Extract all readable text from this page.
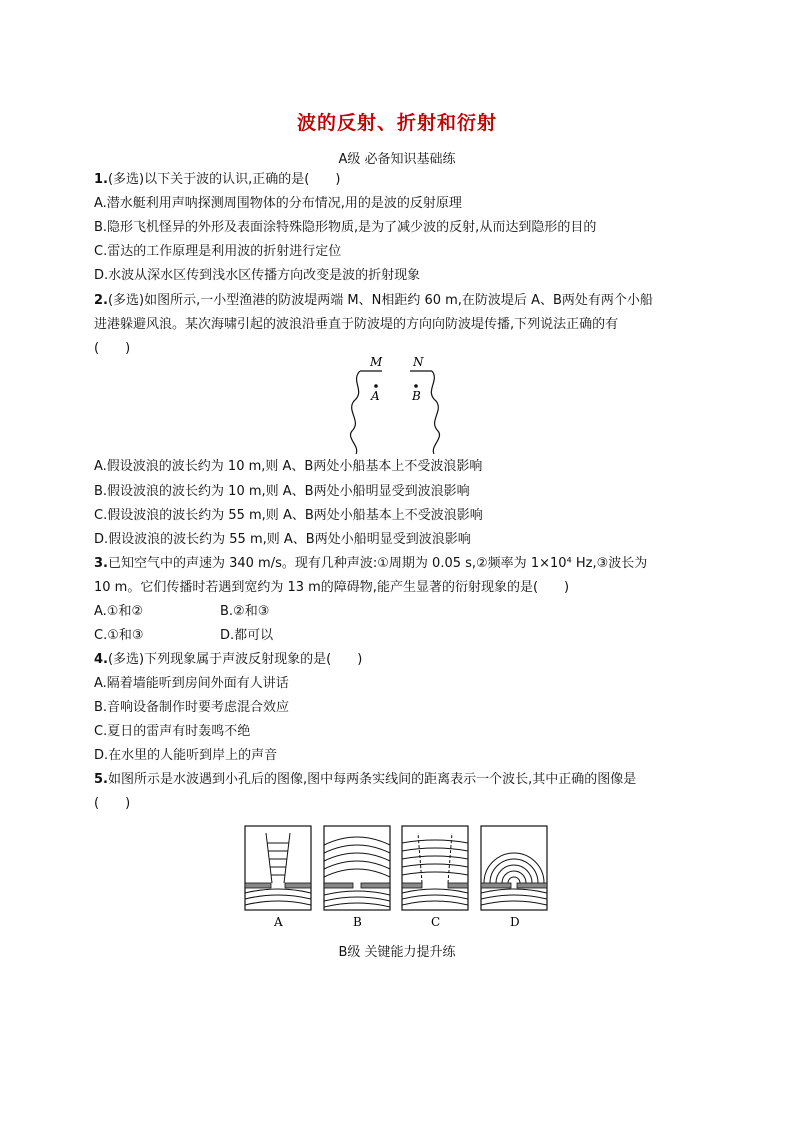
波的反射、折射和衍射
A级 必备知识基础练
1.(多选)以下关于波的认识,正确的是(　　)
A.潜水艇利用声呐探测周围物体的分布情况,用的是波的反射原理
B.隐形飞机怪异的外形及表面涂特殊隐形物质,是为了减少波的反射,从而达到隐形的目的
C.雷达的工作原理是利用波的折射进行定位
D.水波从深水区传到浅水区传播方向改变是波的折射现象
2.(多选)如图所示,一小型渔港的防波堤两端 M、N相距约 60 m,在防波堤后 A、B两处有两个小船
进港躲避风浪。某次海啸引起的波浪沿垂直于防波堤的方向向防波堤传播,下列说法正确的有
(　　)
M	N
A	B
A.假设波浪的波长约为 10 m,则 A、B两处小船基本上不受波浪影响
B.假设波浪的波长约为 10 m,则 A、B两处小船明显受到波浪影响
C.假设波浪的波长约为 55 m,则 A、B两处小船基本上不受波浪影响
D.假设波浪的波长约为 55 m,则 A、B两处小船明显受到波浪影响
3.已知空气中的声速为 340 m/s。现有几种声波:①周期为 0.05 s,②频率为 1×10⁴ Hz,③波长为
10 m。它们传播时若遇到宽约为 13 m的障碍物,能产生显著的衍射现象的是(　　)
A.①和②	B.②和③
C.①和③	D.都可以
4.(多选)下列现象属于声波反射现象的是(　　)
A.隔着墙能听到房间外面有人讲话
B.音响设备制作时要考虑混合效应
C.夏日的雷声有时轰鸣不绝
D.在水里的人能听到岸上的声音
5.如图所示是水波遇到小孔后的图像,图中每两条实线间的距离表示一个波长,其中正确的图像是
(　　)
A	B	C	D
B级 关键能力提升练
